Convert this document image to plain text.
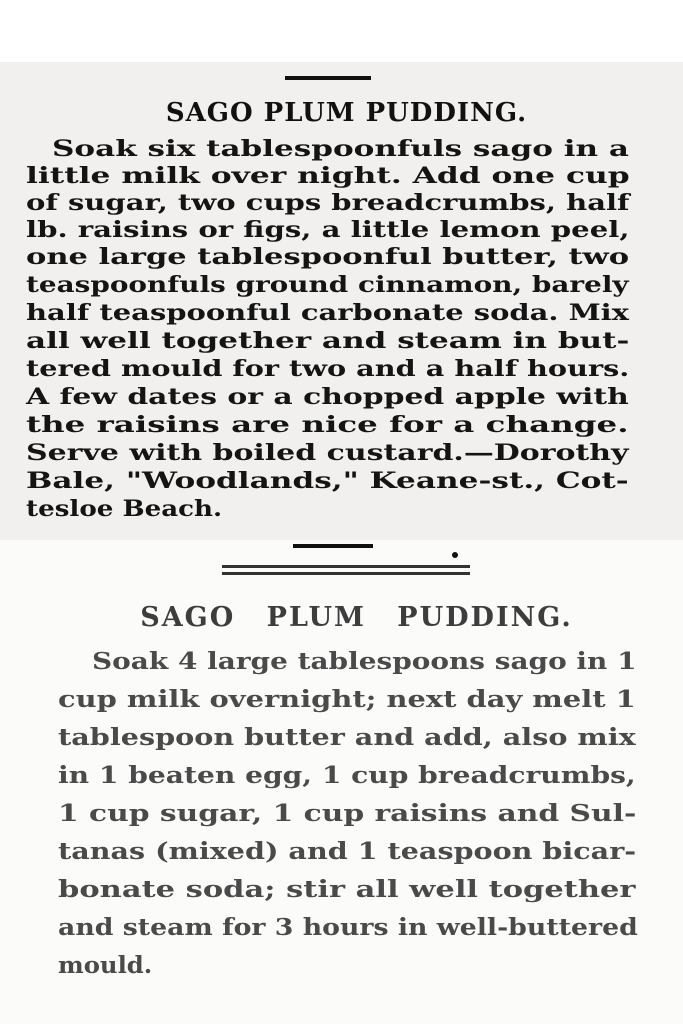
SAGO PLUM PUDDING.
Soak six tablespoonfuls sago in a
little milk over night. Add one cup
of sugar, two cups breadcrumbs, half
lb. raisins or figs, a little lemon peel,
one large tablespoonful butter, two
teaspoonfuls ground cinnamon, barely
half teaspoonful carbonate soda. Mix
all well together and steam in but-
tered mould for two and a half hours.
A few dates or a chopped apple with
the raisins are nice for a change.
Serve with boiled custard.—Dorothy
Bale, "Woodlands," Keane-st., Cot-
tesloe Beach.
SAGO PLUM PUDDING.
Soak 4 large tablespoons sago in 1
cup milk overnight; next day melt 1
tablespoon butter and add, also mix
in 1 beaten egg, 1 cup breadcrumbs,
1 cup sugar, 1 cup raisins and Sul-
tanas (mixed) and 1 teaspoon bicar-
bonate soda; stir all well together
and steam for 3 hours in well-buttered
mould.
